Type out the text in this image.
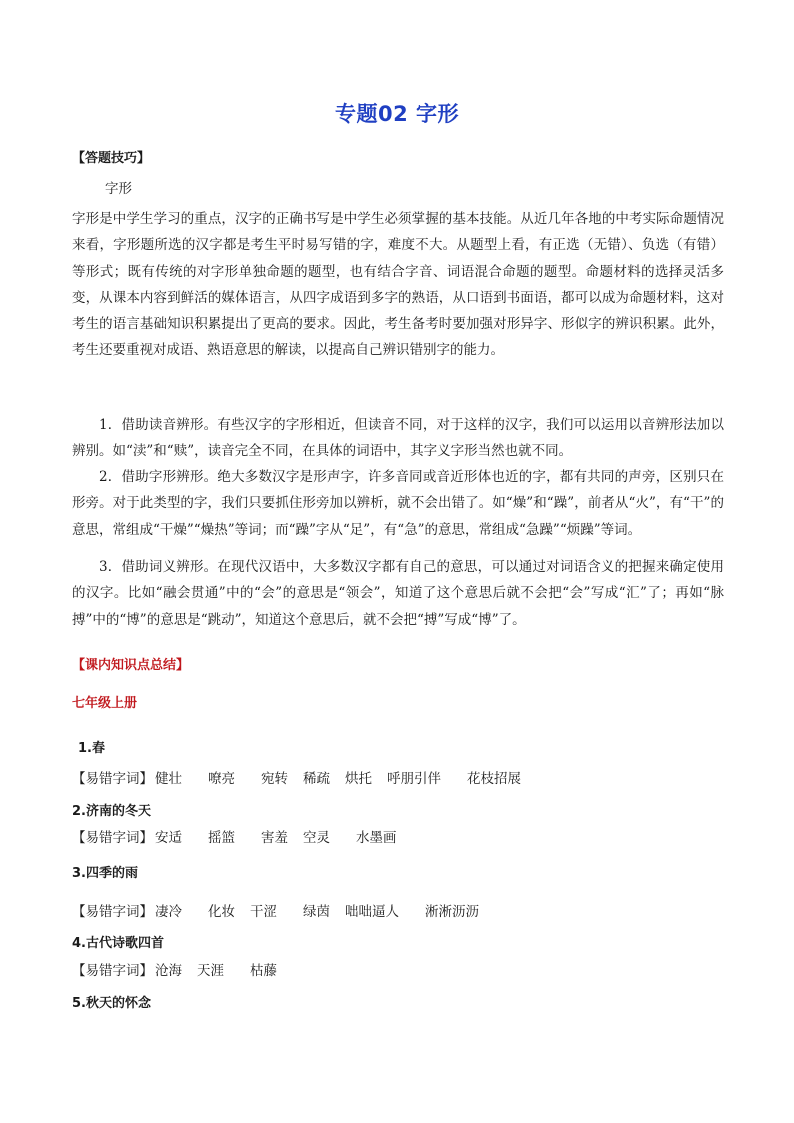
专题02 字形
【答题技巧】
字形
字形是中学生学习的重点，汉字的正确书写是中学生必须掌握的基本技能。从近几年各地的中考实际命题情况来看，字形题所选的汉字都是考生平时易写错的字，难度不大。从题型上看，有正选（无错）、负选（有错）等形式；既有传统的对字形单独命题的题型，也有结合字音、词语混合命题的题型。命题材料的选择灵活多变，从课本内容到鲜活的媒体语言，从四字成语到多字的熟语，从口语到书面语，都可以成为命题材料，这对考生的语言基础知识积累提出了更高的要求。因此，考生备考时要加强对形异字、形似字的辨识积累。此外，考生还要重视对成语、熟语意思的解读，以提高自己辨识错别字的能力。
1．借助读音辨形。有些汉字的字形相近，但读音不同，对于这样的汉字，我们可以运用以音辨形法加以辨别。如“渎”和“赎”，读音完全不同，在具体的词语中，其字义字形当然也就不同。
2．借助字形辨形。绝大多数汉字是形声字，许多音同或音近形体也近的字，都有共同的声旁，区别只在形旁。对于此类型的字，我们只要抓住形旁加以辨析，就不会出错了。如“燥”和“躁”，前者从“火”，有“干”的意思，常组成“干燥”“燥热”等词；而“躁”字从“足”，有“急”的意思，常组成“急躁”“烦躁”等词。
3．借助词义辨形。在现代汉语中，大多数汉字都有自己的意思，可以通过对词语含义的把握来确定使用的汉字。比如“融会贯通”中的“会”的意思是“领会”，知道了这个意思后就不会把“会”写成“汇”了；再如“脉搏”中的“博”的意思是“跳动”，知道这个意思后，就不会把“搏”写成“博”了。
【课内知识点总结】
七年级上册
1.春
【易错字词】 健壮 嘹亮 宛转 稀疏 烘托 呼朋引伴 花枝招展
2.济南的冬天
【易错字词】 安适 摇篮 害羞 空灵 水墨画
3.四季的雨
【易错字词】 凄冷 化妆 干涩 绿茵 咄咄逼人 淅淅沥沥
4.古代诗歌四首
【易错字词】 沧海 天涯 枯藤
5.秋天的怀念
